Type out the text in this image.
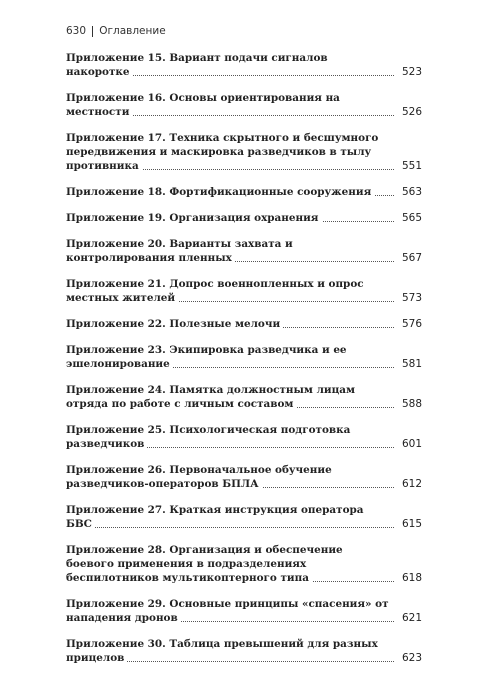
630 Оглавление
Приложение 15. Вариант подачи сигналов накоротке	523
Приложение 16. Основы ориентирования на местности	526
Приложение 17. Техника скрытного и бесшумного передвижения и маскировка разведчиков в тылу противника	551
Приложение 18. Фортификационные сооружения	563
Приложение 19. Организация охранения	565
Приложение 20. Варианты захвата и контролирования пленных	567
Приложение 21. Допрос военнопленных и опрос местных жителей	573
Приложение 22. Полезные мелочи	576
Приложение 23. Экипировка разведчика и ее эшелонирование	581
Приложение 24. Памятка должностным лицам отряда по работе с личным составом	588
Приложение 25. Психологическая подготовка разведчиков	601
Приложение 26. Первоначальное обучение разведчиков-операторов БПЛА	612
Приложение 27. Краткая инструкция оператора БВС	615
Приложение 28. Организация и обеспечение боевого применения в подразделениях беспилотников мультикоптерного типа	618
Приложение 29. Основные принципы «спасения» от нападения дронов	621
Приложение 30. Таблица превышений для разных прицелов	623
